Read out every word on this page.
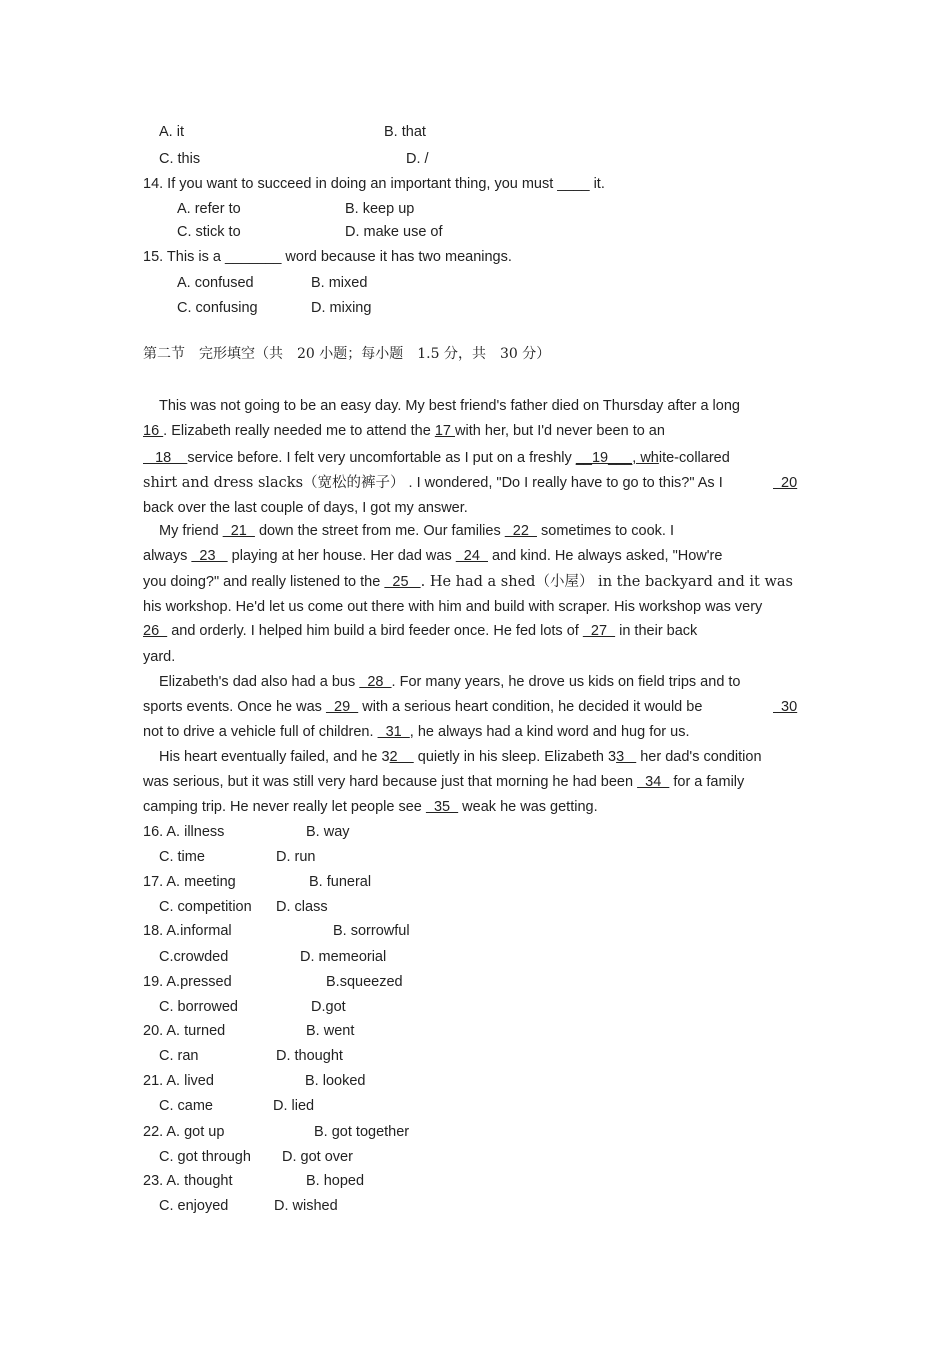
A. it	B. that
C. this	D. /
14. If you want to succeed in doing an important thing, you must ____ it.
A. refer to	B. keep up
C. stick to	D. make use of
15. This is a _______ word because it has two meanings.
A. confused	B. mixed
C. confusing	D. mixing
第二节　完形填空（共　20 小题；每小题　1.5 分，共　30 分）
This was not going to be an easy day. My best friend's father died on Thursday after a long
16 . Elizabeth really needed me to attend the 17 with her, but I'd never been to an
18    service before. I felt very uncomfortable as I put on a freshly __19___, white-collared
shirt and dress slacks（宽松的裤子） . I wondered, "Do I really have to go to this?" As I	20
back over the last couple of days, I got my answer.
My friend   21   down the street from me. Our families   22   sometimes to cook. I
always   23    playing at her house. Her dad was   24   and kind. He always asked, "How're
you doing?" and really listened to the   25   . He had a shed（小屋） in the backyard and it was
his workshop. He'd let us come out there with him and build with scraper. His workshop was very
26   and orderly. I helped him build a bird feeder once. He fed lots of   27   in their back
yard.
Elizabeth's dad also had a bus   28  . For many years, he drove us kids on field trips and to
sports events. Once he was   29   with a serious heart condition, he decided it would be	30
not to drive a vehicle full of children.   31  , he always had a kind word and hug for us.
His heart eventually failed, and he 32     quietly in his sleep. Elizabeth 33    her dad's condition
was serious, but it was still very hard because just that morning he had been   34   for a family
camping trip. He never really let people see   35   weak he was getting.
16. A. illness	B. way
C. time	D. run
17. A. meeting	B. funeral
C. competition D. class
18. A.informal	B. sorrowful
C.crowded	D. memeorial
19. A.pressed	B.squeezed
C. borrowed	D.got
20. A. turned	B. went
C. ran	D. thought
21. A. lived	B. looked
C. came	D. lied
22. A. got up	B. got together
C. got through D. got over
23. A. thought	B. hoped
C. enjoyed	D. wished
